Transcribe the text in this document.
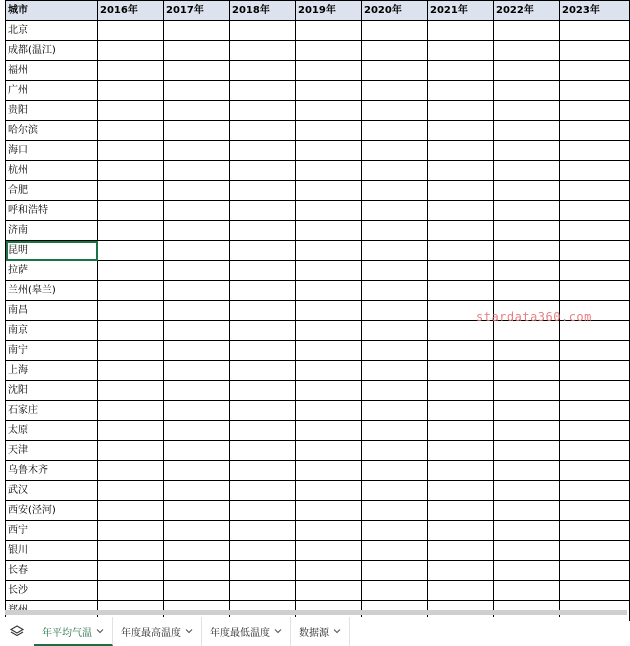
城市	2016年	2017年	2018年	2019年	2020年	2021年	2022年	2023年
北京								
成都(温江)								
福州								
广州								
贵阳								
哈尔滨								
海口								
杭州								
合肥								
呼和浩特								
济南								
昆明								
拉萨								
兰州(皋兰)								
南昌								
南京								
南宁								
上海								
沈阳								
石家庄								
太原								
天津								
乌鲁木齐								
武汉								
西安(泾河)								
西宁								
银川								
长春								
长沙								

stardata360.com
年平均气温	年度最高温度	年度最低温度	数据源
